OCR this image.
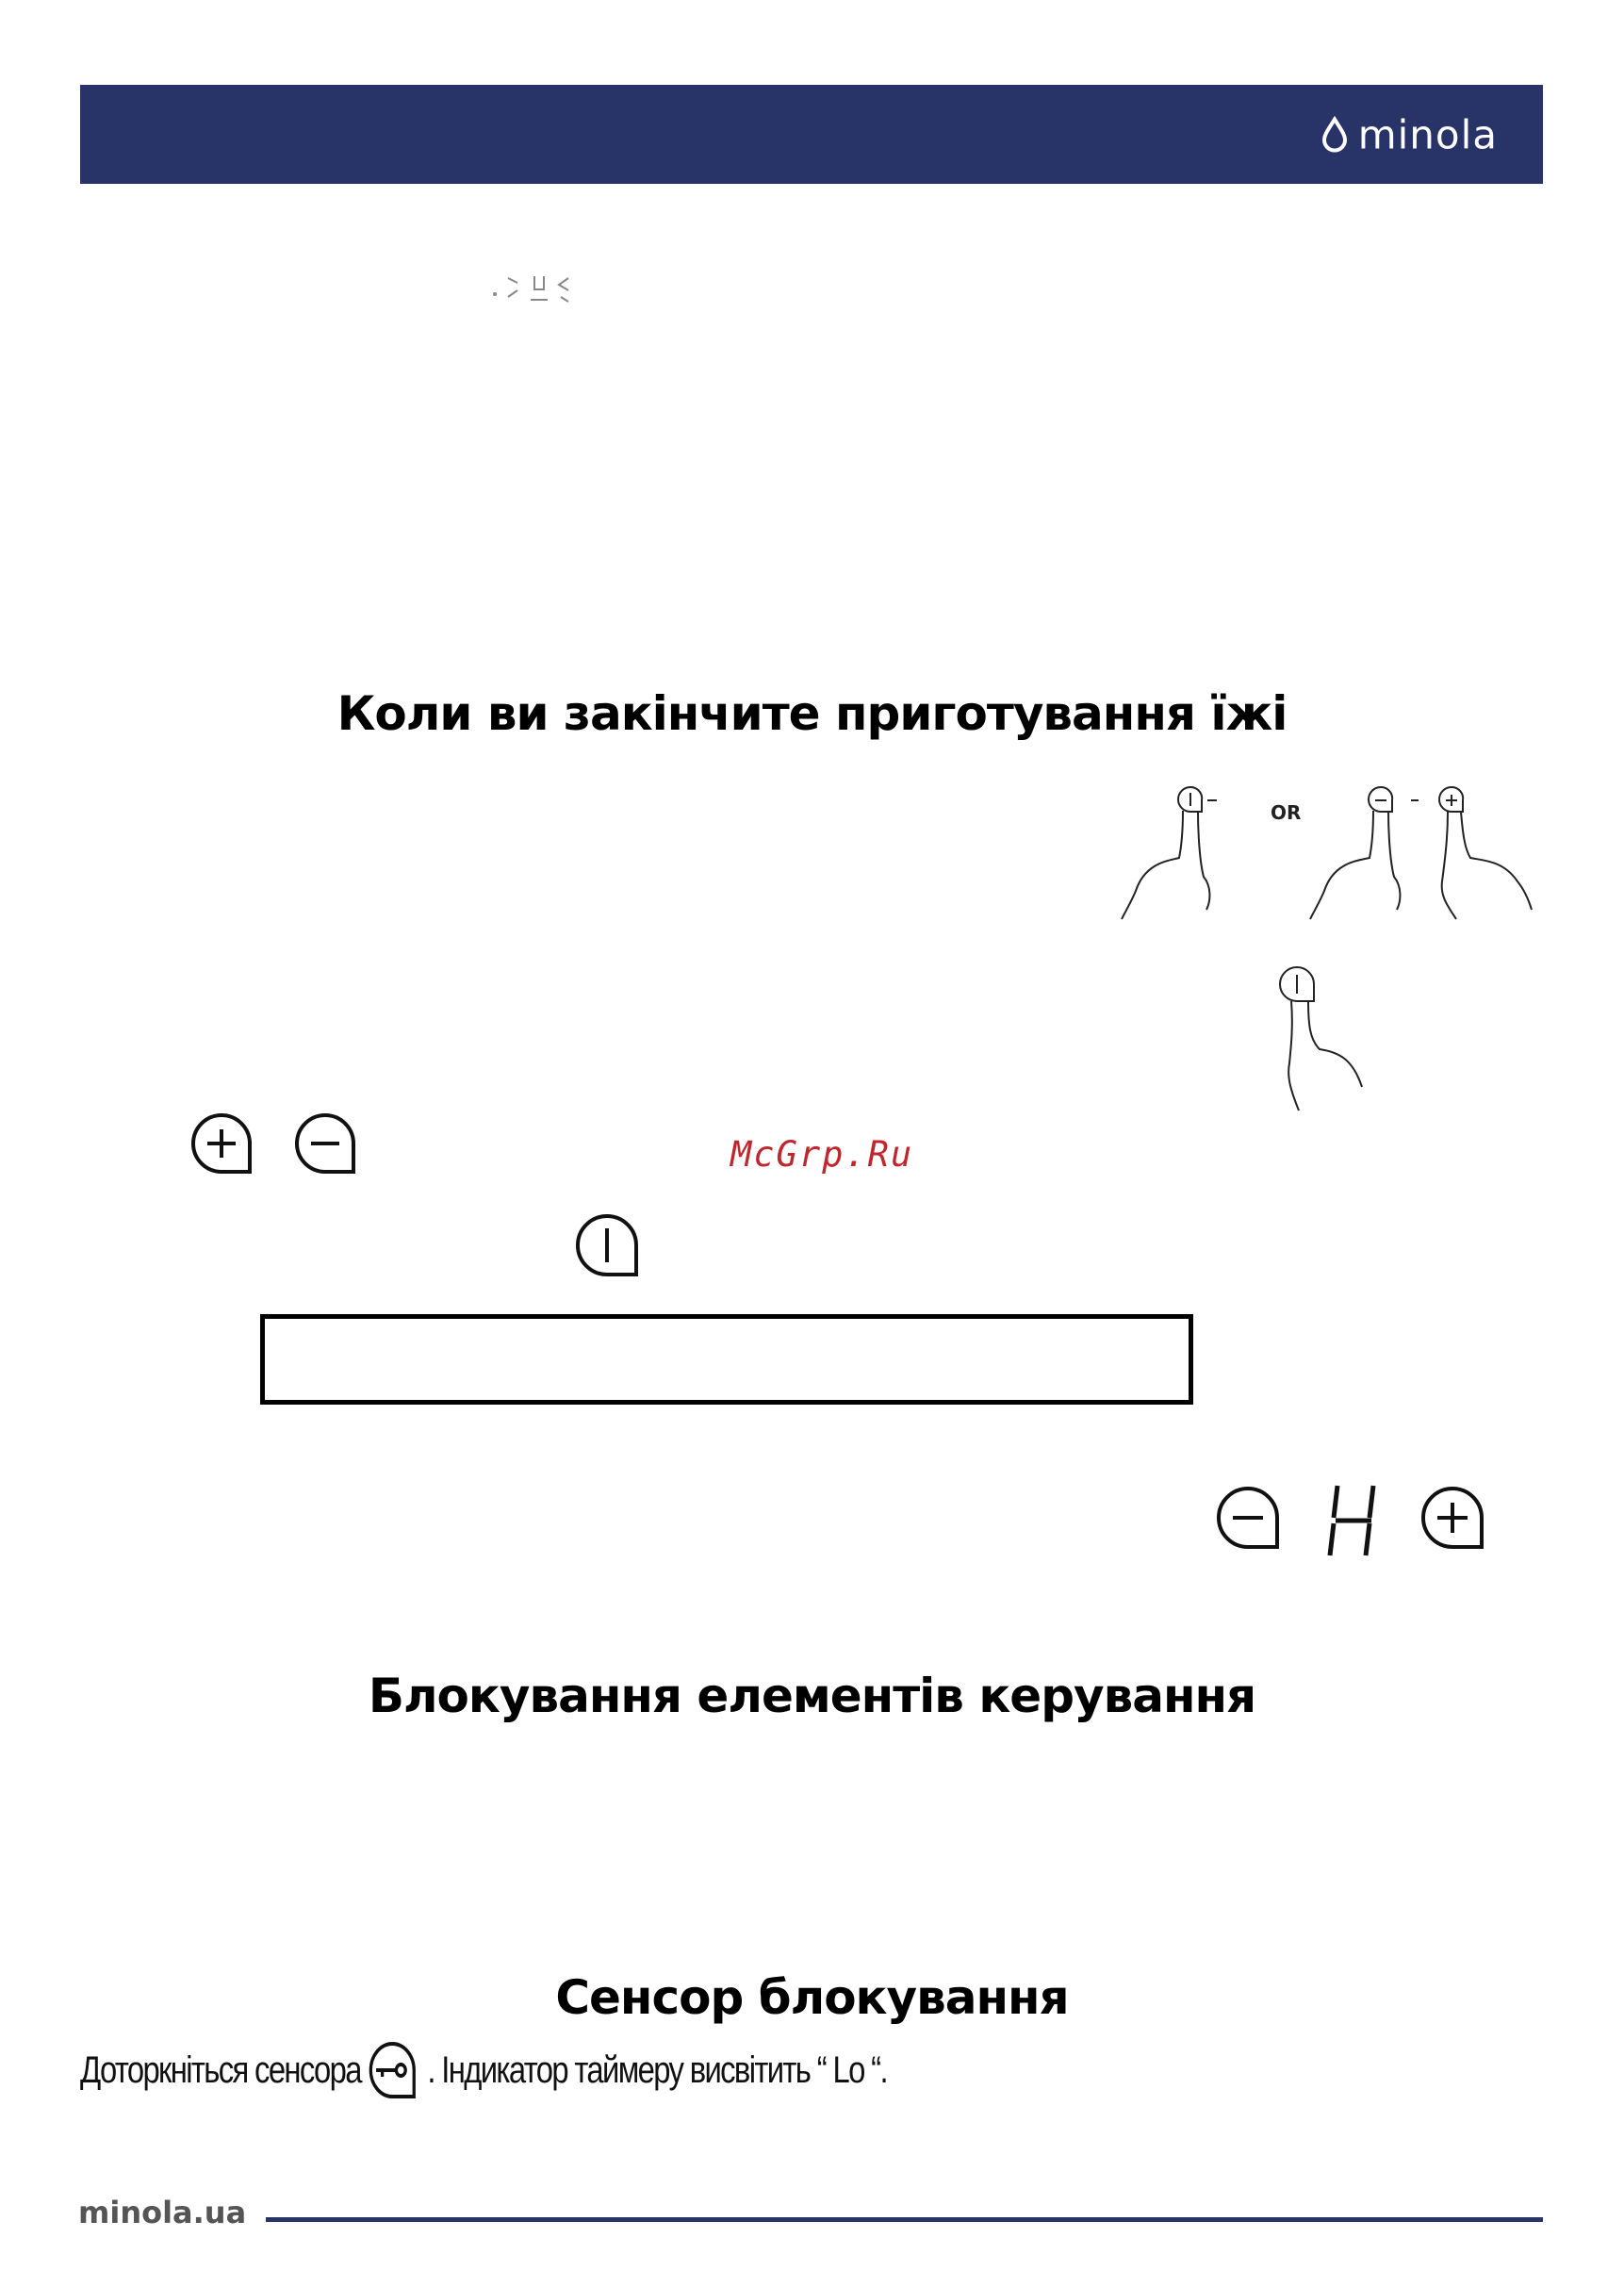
minola
Коли ви закінчите приготування їжі
OR
McGrp.Ru
Блокування елементів керування
Сенсор блокування
Доторкніться сенсора . Індикатор таймеру висвітить “ Lo “.
minola.ua
